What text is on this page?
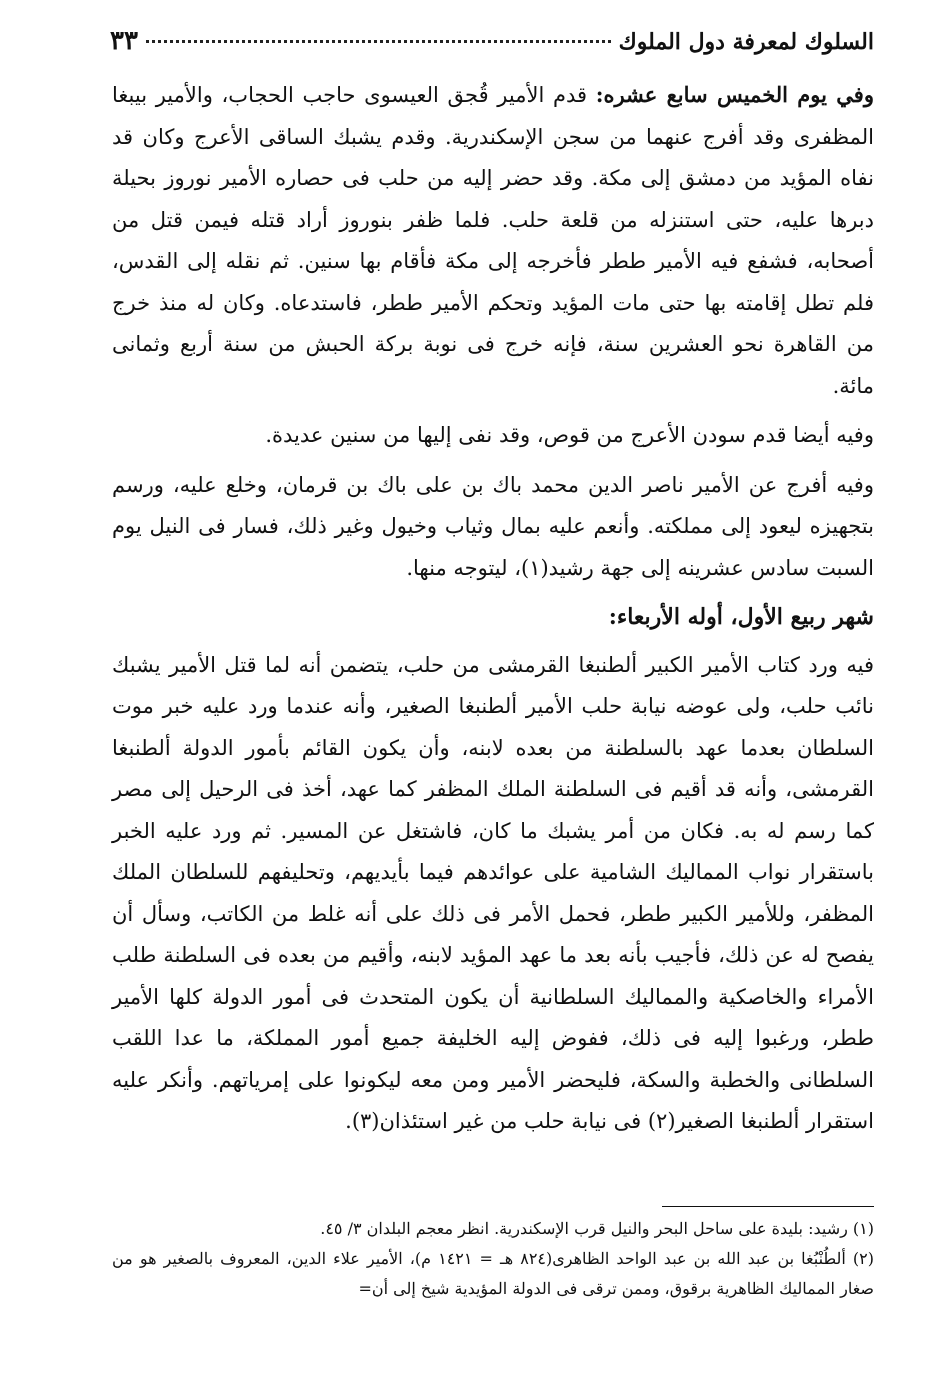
السلوك لمعرفة دول الملوك
٣٣

وفي يوم الخميس سابع عشره: قدم الأمير قُجق العيسوى حاجب الحجاب، والأمير بيبغا المظفرى وقد أفرج عنهما من سجن الإسكندرية. وقدم يشبك الساقى الأعرج وكان قد نفاه المؤيد من دمشق إلى مكة. وقد حضر إليه من حلب فى حصاره الأمير نوروز بحيلة دبرها عليه، حتى استنزله من قلعة حلب. فلما ظفر بنوروز أراد قتله فيمن قتل من أصحابه، فشفع فيه الأمير ططر فأخرجه إلى مكة فأقام بها سنين. ثم نقله إلى القدس، فلم تطل إقامته بها حتى مات المؤيد وتحكم الأمير ططر، فاستدعاه. وكان له منذ خرج من القاهرة نحو العشرين سنة، فإنه خرج فى نوبة بركة الحبش من سنة أربع وثمانى مائة.

وفيه أيضا قدم سودن الأعرج من قوص، وقد نفى إليها من سنين عديدة.

وفيه أفرج عن الأمير ناصر الدين محمد باك بن على باك بن قرمان، وخلع عليه، ورسم بتجهيزه ليعود إلى مملكته. وأنعم عليه بمال وثياب وخيول وغير ذلك، فسار فى النيل يوم السبت سادس عشرينه إلى جهة رشيد(١)، ليتوجه منها.

شهر ربيع الأول، أوله الأربعاء:

فيه ورد كتاب الأمير الكبير ألطنبغا القرمشى من حلب، يتضمن أنه لما قتل الأمير يشبك نائب حلب، ولى عوضه نيابة حلب الأمير ألطنبغا الصغير، وأنه عندما ورد عليه خبر موت السلطان بعدما عهد بالسلطنة من بعده لابنه، وأن يكون القائم بأمور الدولة ألطنبغا القرمشى، وأنه قد أقيم فى السلطنة الملك المظفر كما عهد، أخذ فى الرحيل إلى مصر كما رسم له به. فكان من أمر يشبك ما كان، فاشتغل عن المسير. ثم ورد عليه الخبر باستقرار نواب المماليك الشامية على عوائدهم فيما بأيديهم، وتحليفهم للسلطان الملك المظفر، وللأمير الكبير ططر، فحمل الأمر فى ذلك على أنه غلط من الكاتب، وسأل أن يفصح له عن ذلك، فأجيب بأنه بعد ما عهد المؤيد لابنه، وأقيم من بعده فى السلطنة طلب الأمراء والخاصكية والمماليك السلطانية أن يكون المتحدث فى أمور الدولة كلها الأمير ططر، ورغبوا إليه فى ذلك، ففوض إليه الخليفة جميع أمور المملكة، ما عدا اللقب السلطانى والخطبة والسكة، فليحضر الأمير ومن معه ليكونوا على إمرياتهم. وأنكر عليه استقرار ألطنبغا الصغير(٢) فى نيابة حلب من غير استئذان(٣).

(١) رشيد: بليدة على ساحل البحر والنيل قرب الإسكندرية. انظر معجم البلدان ٣/ ٤٥.

(٢) ألطُنْبُغا بن عبد الله بن عبد الواحد الظاهرى(٨٢٤ هـ = ١٤٢١ م)، الأمير علاء الدين، المعروف بالصغير هو من صغار المماليك الظاهرية برقوق، وممن ترقى فى الدولة المؤيدية شيخ إلى أن=
